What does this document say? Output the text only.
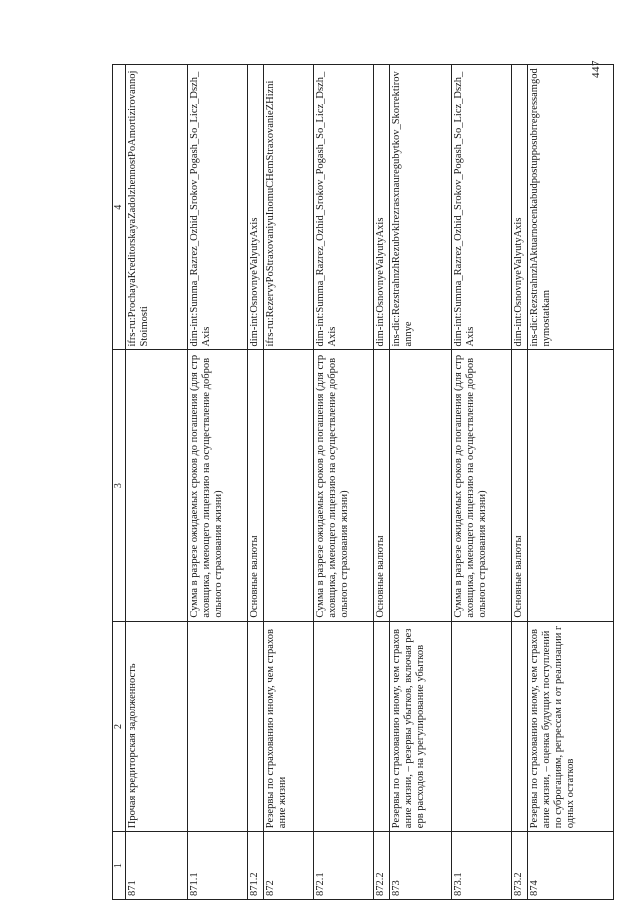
447
1	2	3	4
871	Прочая кредиторская задолженность		ifrs-ru:ProchayaKreditorskayaZadolzhennostPoAmortizirovannojStoimosti
871.1		Сумма в разрезе ожидаемых сроков до погашения (для страховщика, имеющего лицензию на осуществление добровольного страхования жизни)	dim-int:Summa_Razrez_Ozhid_Srokov_Pogash_So_Licz_Dszh_Axis
871.2		Основные валюты	dim-int:OsnovnyeValyutyAxis
872	Резервы по страхованию иному, чем страхование жизни		ifrs-ru:RezervyPoStraxovaniyuInomuCHemStraxovanieZHizni
872.1		Сумма в разрезе ожидаемых сроков до погашения (для страховщика, имеющего лицензию на осуществление добровольного страхования жизни)	dim-int:Summa_Razrez_Ozhid_Srokov_Pogash_So_Licz_Dszh_Axis
872.2		Основные валюты	dim-int:OsnovnyeValyutyAxis
873	Резервы по страхованию иному, чем страхование жизни, – резервы убытков, включая резерв расходов на урегулирование убытков		ins-dic:RezstrahnzhRezubvklrezrasxnauregubytkov_Skorrektirovannye
873.1		Сумма в разрезе ожидаемых сроков до погашения (для страховщика, имеющего лицензию на осуществление добровольного страхования жизни)	dim-int:Summa_Razrez_Ozhid_Srokov_Pogash_So_Licz_Dszh_Axis
873.2		Основные валюты	dim-int:OsnovnyeValyutyAxis
874	Резервы по страхованию иному, чем страхование жизни, – оценка будущих поступлений по суброгациям, регрессам и от реализации годных остатков		ins-dic:RezstrahnzhAktuarnocenkabudpostupposubrregressamgodnymostatkam
